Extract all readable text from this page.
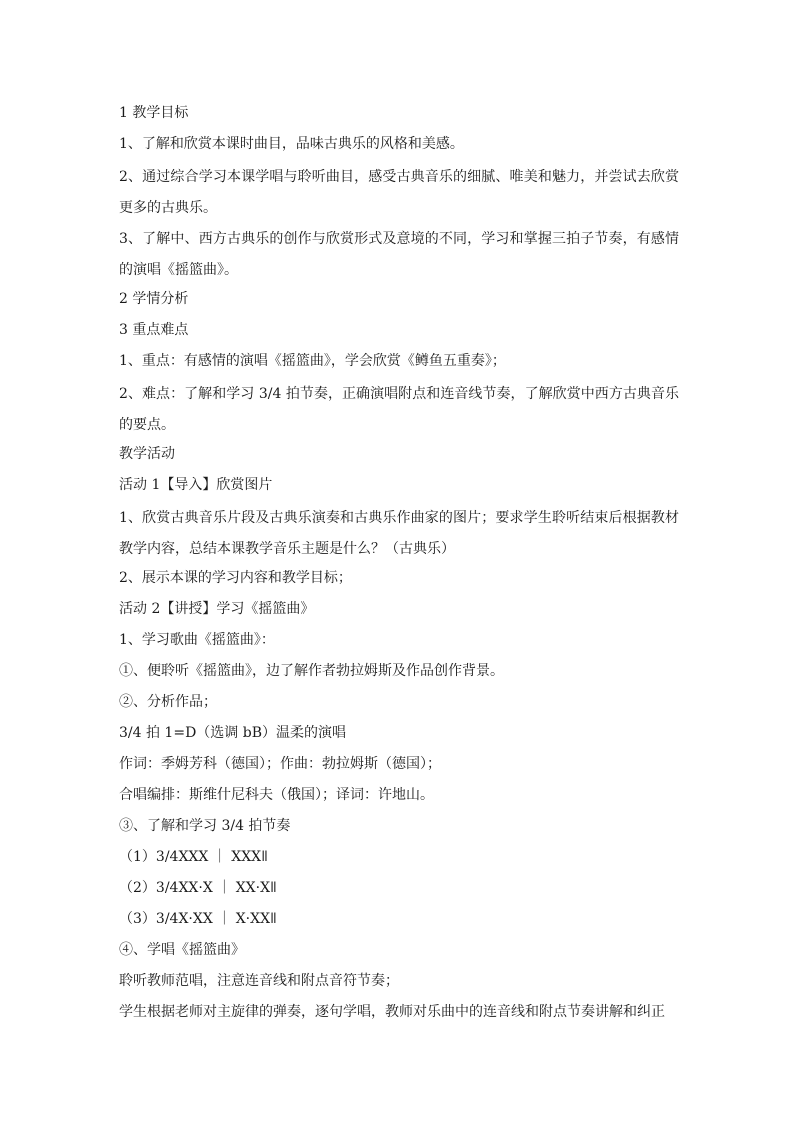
1 教学目标
1、了解和欣赏本课时曲目，品味古典乐的风格和美感。
2、通过综合学习本课学唱与聆听曲目，感受古典音乐的细腻、唯美和魅力，并尝试去欣赏更多的古典乐。
3、了解中、西方古典乐的创作与欣赏形式及意境的不同，学习和掌握三拍子节奏，有感情的演唱《摇篮曲》。
2 学情分析
3 重点难点
1、重点：有感情的演唱《摇篮曲》，学会欣赏《鳟鱼五重奏》；
2、难点：了解和学习 3/4 拍节奏，正确演唱附点和连音线节奏，了解欣赏中西方古典音乐的要点。
教学活动
活动 1【导入】欣赏图片
1、欣赏古典音乐片段及古典乐演奏和古典乐作曲家的图片；要求学生聆听结束后根据教材教学内容，总结本课教学音乐主题是什么？（古典乐）
2、展示本课的学习内容和教学目标；
活动 2【讲授】学习《摇篮曲》
1、学习歌曲《摇篮曲》：
①、便聆听《摇篮曲》，边了解作者勃拉姆斯及作品创作背景。
②、分析作品；
3/4 拍 1=D（选调 bB）温柔的演唱
作词：季姆芳科（德国）；作曲：勃拉姆斯（德国）；
合唱编排：斯维什尼科夫（俄国）；译词：许地山。
③、了解和学习 3/4 拍节奏
（1）3/4XXX ｜ XXXǁ
（2）3/4XX·X ｜ XX·Xǁ
（3）3/4X·XX ｜ X·XXǁ
④、学唱《摇篮曲》
聆听教师范唱，注意连音线和附点音符节奏；
学生根据老师对主旋律的弹奏，逐句学唱，教师对乐曲中的连音线和附点节奏讲解和纠正
